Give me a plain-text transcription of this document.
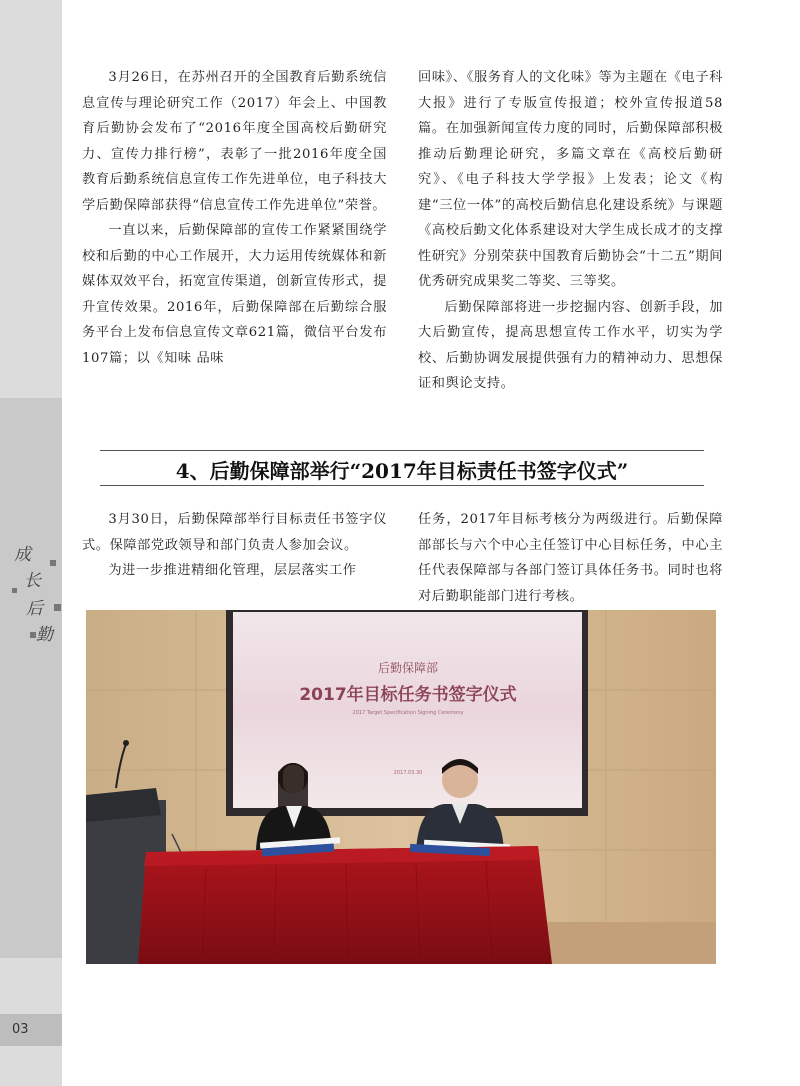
成
长
后
勤
03

3月26日，在苏州召开的全国教育后勤系统信息宣传与理论研究工作（2017）年会上、中国教育后勤协会发布了“2016年度全国高校后勤研究力、宣传力排行榜”，表彰了一批2016年度全国教育后勤系统信息宣传工作先进单位，电子科技大学后勤保障部获得“信息宣传工作先进单位”荣誉。

一直以来，后勤保障部的宣传工作紧紧围绕学校和后勤的中心工作展开，大力运用传统媒体和新媒体双效平台，拓宽宣传渠道，创新宣传形式，提升宣传效果。2016年，后勤保障部在后勤综合服务平台上发布信息宣传文章621篇，微信平台发布107篇；以《知味 品味

回味》、《服务育人的文化味》等为主题在《电子科大报》进行了专版宣传报道；校外宣传报道58篇。在加强新闻宣传力度的同时，后勤保障部积极推动后勤理论研究，多篇文章在《高校后勤研究》、《电子科技大学学报》上发表；论文《构建“三位一体”的高校后勤信息化建设系统》与课题《高校后勤文化体系建设对大学生成长成才的支撑性研究》分别荣获中国教育后勤协会“十二五”期间优秀研究成果奖二等奖、三等奖。

后勤保障部将进一步挖掘内容、创新手段，加大后勤宣传，提高思想宣传工作水平，切实为学校、后勤协调发展提供强有力的精神动力、思想保证和舆论支持。

4、后勤保障部举行“2017年目标责任书签字仪式”

3月30日，后勤保障部举行目标责任书签字仪式。保障部党政领导和部门负责人参加会议。

为进一步推进精细化管理，层层落实工作

任务，2017年目标考核分为两级进行。后勤保障部部长与六个中心主任签订中心目标任务，中心主任代表保障部与各部门签订具体任务书。同时也将对后勤职能部门进行考核。

后勤保障部
2017年目标任务书签字仪式
2017 Target Specification Signing Ceremony
2017.03.30
